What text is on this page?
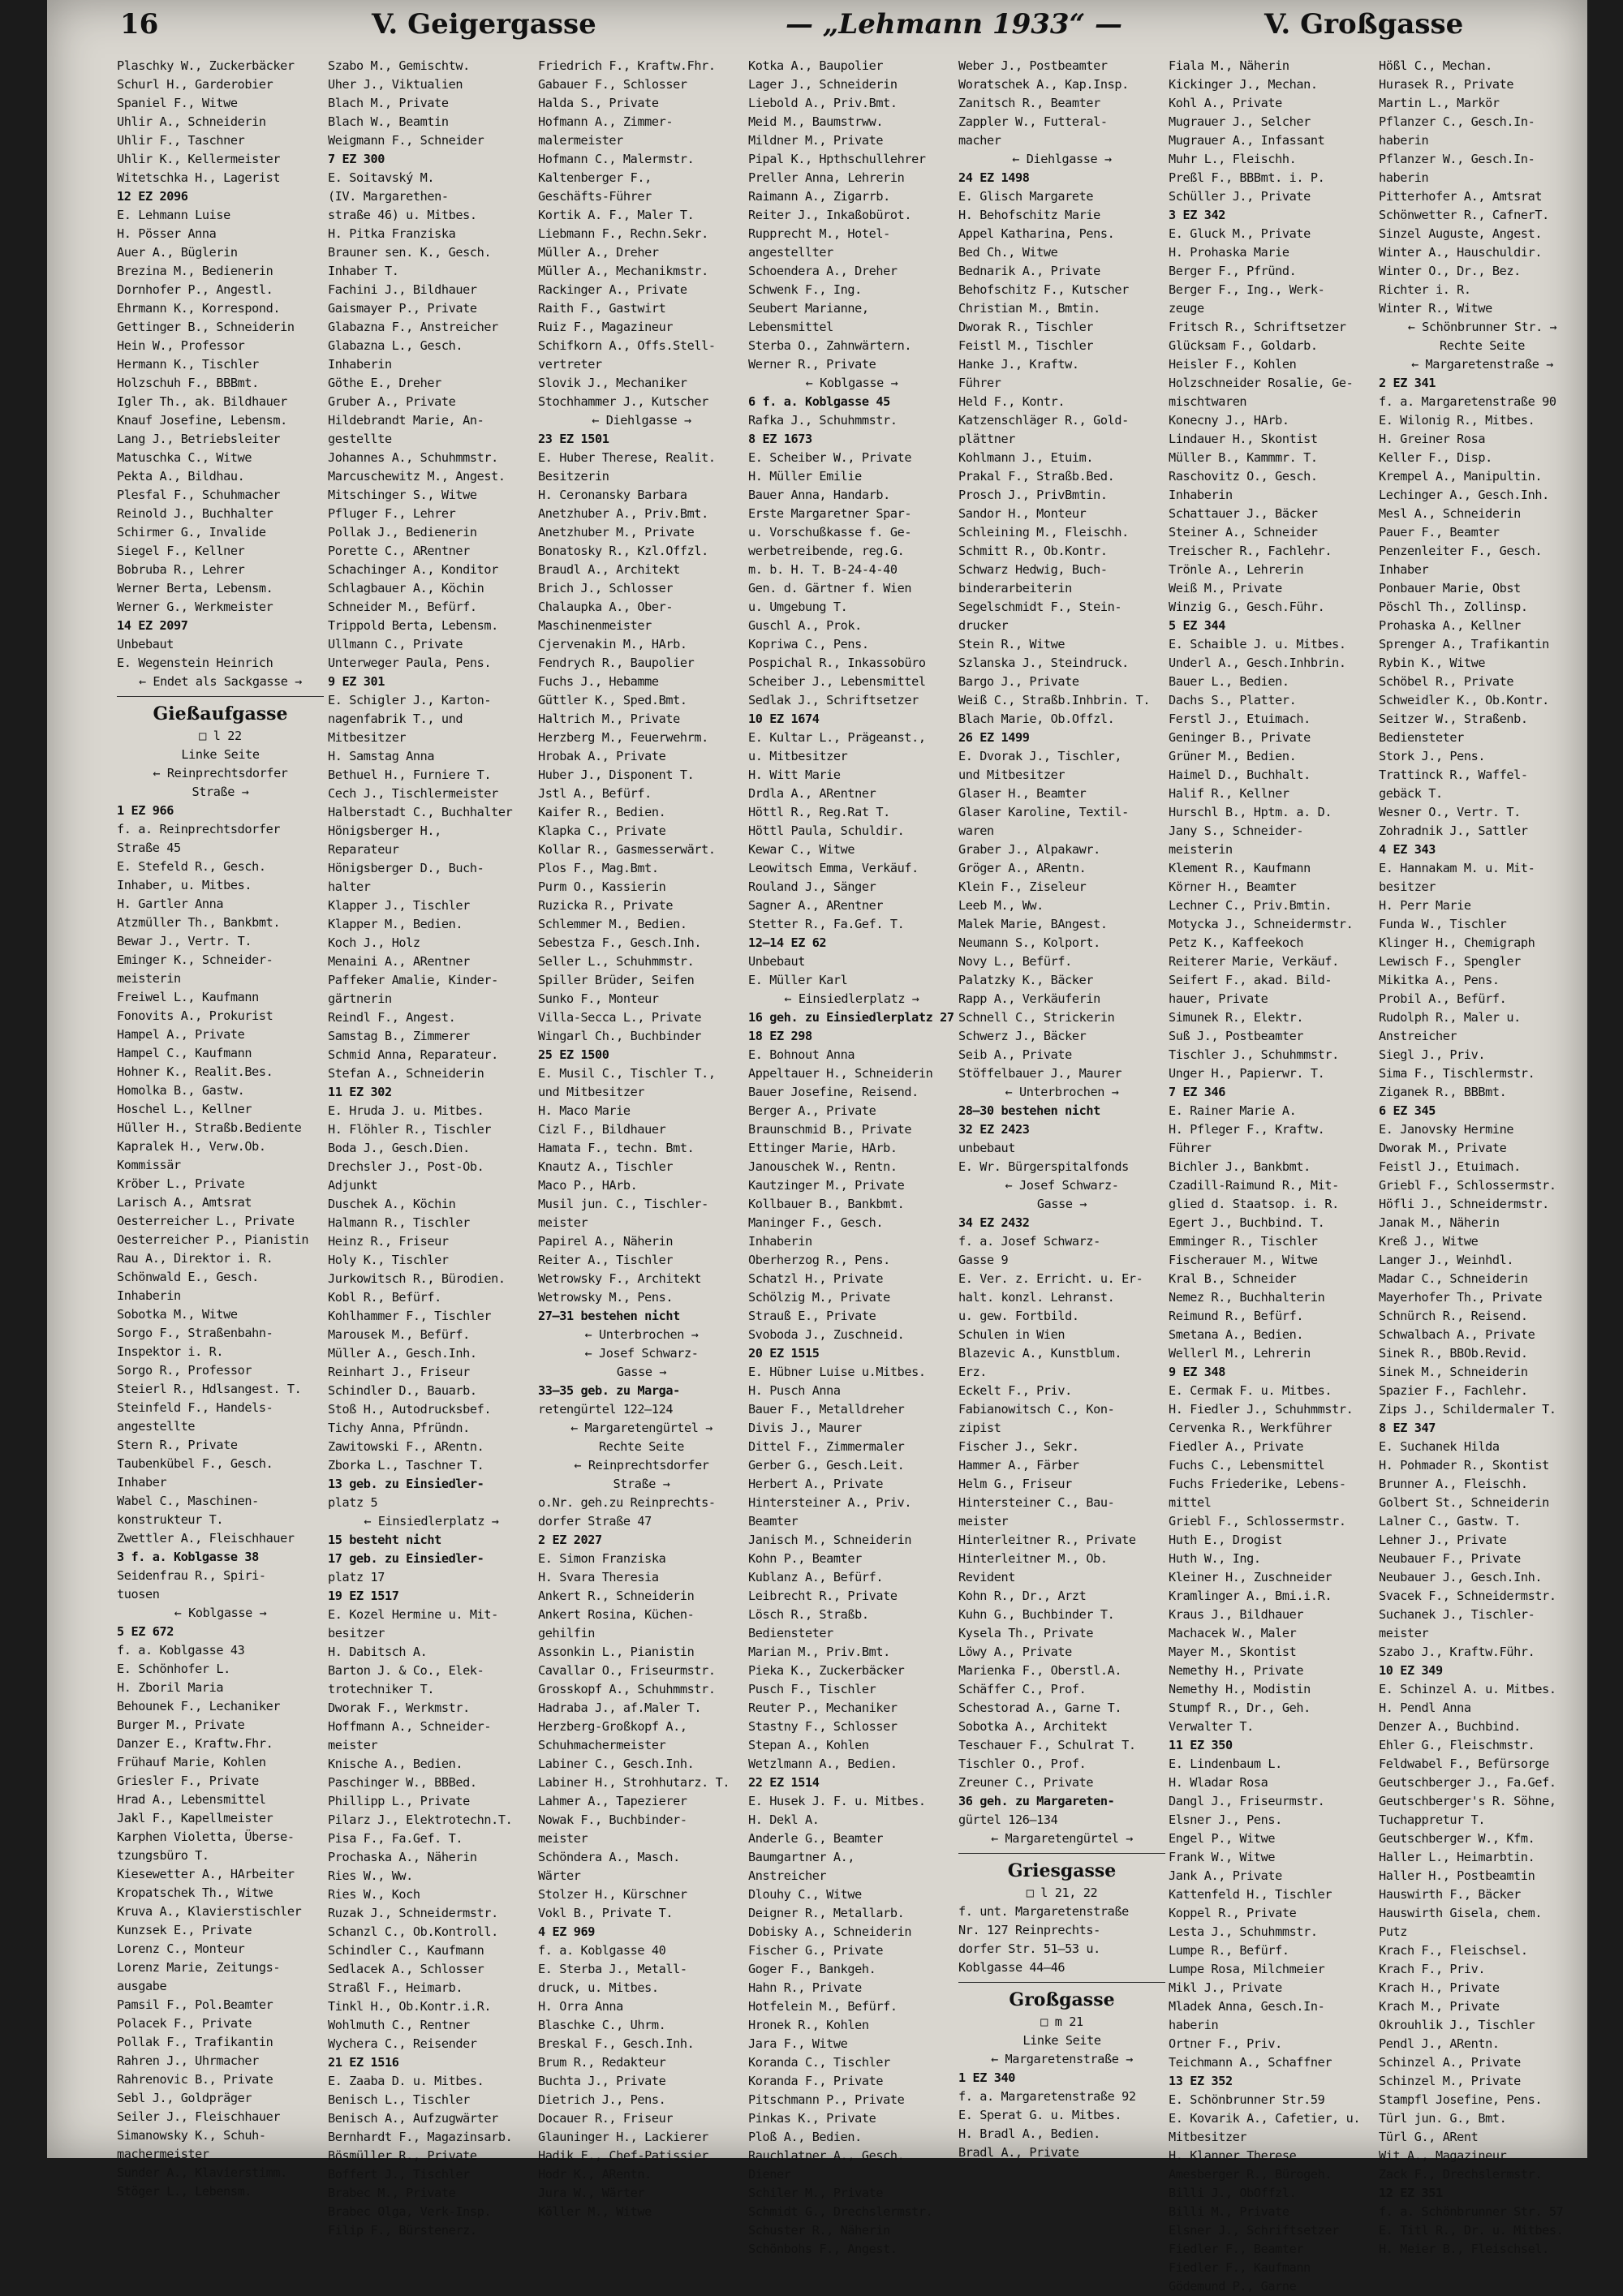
16	V. Geigergasse	— „Lehmann 1933“ —	V. Großgasse
Plaschky W., Zuckerbäcker
Schurl H., Garderobier
Spaniel F., Witwe
Uhlir A., Schneiderin
Uhlir F., Taschner
Uhlir K., Kellermeister
Witetschka H., Lagerist
12 EZ 2096
E. Lehmann Luise
H. Pösser Anna
Auer A., Büglerin
Brezina M., Bedienerin
Dornhofer P., Angestl.
Ehrmann K., Korrespond.
Gettinger B., Schneiderin
Hein W., Professor
Hermann K., Tischler
Holzschuh F., BBBmt.
Igler Th., ak. Bildhauer
Knauf Josefine, Lebensm.
Lang J., Betriebsleiter
Matuschka C., Witwe
Pekta A., Bildhau.
Plesfal F., Schuhmacher
Reinold J., Buchhalter
Schirmer G., Invalide
Siegel F., Kellner
Bobruba R., Lehrer
Werner Berta, Lebensm.
Werner G., Werkmeister
14 EZ 2097
Unbebaut
E. Wegenstein Heinrich
← Endet als Sackgasse →
Gießaufgasse
□ l 22
Linke Seite
← Reinprechtsdorfer
Straße →
1 EZ 966
f. a. Reinprechtsdorfer
Straße 45
E. Stefeld R., Gesch.
Inhaber, u. Mitbes.
H. Gartler Anna
Atzmüller Th., Bankbmt.
Bewar J., Vertr. T.
Eminger K., Schneider-
meisterin
Freiwel L., Kaufmann
Fonovits A., Prokurist
Hampel A., Private
Hampel C., Kaufmann
Hohner K., Realit.Bes.
Homolka B., Gastw.
Hoschel L., Kellner
Hüller H., Straßb.Bediente
Kapralek H., Verw.Ob.
Kommissär
Kröber L., Private
Larisch A., Amtsrat
Oesterreicher L., Private
Oesterreicher P., Pianistin
Rau A., Direktor i. R.
Schönwald E., Gesch.
Inhaberin
Sobotka M., Witwe
Sorgo F., Straßenbahn-
Inspektor i. R.
Sorgo R., Professor
Steierl R., Hdlsangest. T.
Steinfeld F., Handels-
angestellte
Stern R., Private
Taubenkübel F., Gesch.
Inhaber
Wabel C., Maschinen-
konstrukteur T.
Zwettler A., Fleischhauer
3 f. a. Koblgasse 38
Seidenfrau R., Spiri-
tuosen
← Koblgasse →
5 EZ 672
f. a. Koblgasse 43
E. Schönhofer L.
H. Zboril Maria
Behounek F., Lechaniker
Burger M., Private
Danzer E., Kraftw.Fhr.
Frühauf Marie, Kohlen
Griesler F., Private
Hrad A., Lebensmittel
Jakl F., Kapellmeister
Karphen Violetta, Überse-
tzungsbüro T.
Kiesewetter A., HArbeiter
Kropatschek Th., Witwe
Kruva A., Klavierstischler
Kunzsek E., Private
Lorenz C., Monteur
Lorenz Marie, Zeitungs-
ausgabe
Pamsil F., Pol.Beamter
Polacek F., Private
Pollak F., Trafikantin
Rahren J., Uhrmacher
Rahrenovic B., Private
Sebl J., Goldpräger
Seiler J., Fleischhauer
Simanowsky K., Schuh-
machermeister
Sunder A., Klavierstimm.
Stöger L., Lebensm.
Szabo M., Gemischtw.
Uher J., Viktualien
Blach M., Private
Blach W., Beamtin
Weigmann F., Schneider
7 EZ 300
E. Soitavský M.
(IV. Margarethen-
straße 46) u. Mitbes.
H. Pitka Franziska
Brauner sen. K., Gesch.
Inhaber T.
Fachini J., Bildhauer
Gaismayer P., Private
Glabazna F., Anstreicher
Glabazna L., Gesch.
Inhaberin
Göthe E., Dreher
Gruber A., Private
Hildebrandt Marie, An-
gestellte
Johannes A., Schuhmmstr.
Marcuschewitz M., Angest.
Mitschinger S., Witwe
Pfluger F., Lehrer
Pollak J., Bedienerin
Porette C., ARentner
Schachinger A., Konditor
Schlagbauer A., Köchin
Schneider M., Befürf.
Trippold Berta, Lebensm.
Ullmann C., Private
Unterweger Paula, Pens.
9 EZ 301
E. Schigler J., Karton-
nagenfabrik T., und
Mitbesitzer
H. Samstag Anna
Bethuel H., Furniere T.
Cech J., Tischlermeister
Halberstadt C., Buchhalter
Hönigsberger H.,
Reparateur
Hönigsberger D., Buch-
halter
Klapper J., Tischler
Klapper M., Bedien.
Koch J., Holz
Menaini A., ARentner
Paffeker Amalie, Kinder-
gärtnerin
Reindl F., Angest.
Samstag B., Zimmerer
Schmid Anna, Reparateur.
Stefan A., Schneiderin
11 EZ 302
E. Hruda J. u. Mitbes.
H. Flöhler R., Tischler
Boda J., Gesch.Dien.
Drechsler J., Post-Ob.
Adjunkt
Duschek A., Köchin
Halmann R., Tischler
Heinz R., Friseur
Holy K., Tischler
Jurkowitsch R., Bürodien.
Kobl R., Befürf.
Kohlhammer F., Tischler
Marousek M., Befürf.
Müller A., Gesch.Inh.
Reinhart J., Friseur
Schindler D., Bauarb.
Stoß H., Autodrucksbef.
Tichy Anna, Pfründn.
Zawitowski F., ARentn.
Zborka L., Taschner T.
13 geb. zu Einsiedler-
platz 5
← Einsiedlerplatz →
15 besteht nicht
17 geb. zu Einsiedler-
platz 17
19 EZ 1517
E. Kozel Hermine u. Mit-
besitzer
H. Dabitsch A.
Barton J. & Co., Elek-
trotechniker T.
Dworak F., Werkmstr.
Hoffmann A., Schneider-
meister
Knische A., Bedien.
Paschinger W., BBBed.
Phillipp L., Private
Pilarz J., Elektrotechn.T.
Pisa F., Fa.Gef. T.
Prochaska A., Näherin
Ries W., Ww.
Ries W., Koch
Ruzak J., Schneidermstr.
Schanzl C., Ob.Kontroll.
Schindler C., Kaufmann
Sedlacek A., Schlosser
Straßl F., Heimarb.
Tinkl H., Ob.Kontr.i.R.
Wohlmuth C., Rentner
Wychera C., Reisender
21 EZ 1516
E. Zaaba D. u. Mitbes.
Benisch L., Tischler
Benisch A., Aufzugwärter
Bernhardt F., Magazinsarb.
Bösmüller R., Private
Boffert J., Tischler
Brabec M., Private
Brabec Olga, Verk-Insp.
Filip F., Bürstenerz.
Friedrich F., Kraftw.Fhr.
Gabauer F., Schlosser
Halda S., Private
Hofmann A., Zimmer-
malermeister
Hofmann C., Malermstr.
Kaltenberger F.,
Geschäfts-Führer
Kortik A. F., Maler T.
Liebmann F., Rechn.Sekr.
Müller A., Dreher
Müller A., Mechanikmstr.
Rackinger A., Private
Raith F., Gastwirt
Ruiz F., Magazineur
Schifkorn A., Offs.Stell-
vertreter
Slovik J., Mechaniker
Stochhammer J., Kutscher
← Diehlgasse →
23 EZ 1501
E. Huber Therese, Realit.
Besitzerin
H. Ceronansky Barbara
Anetzhuber A., Priv.Bmt.
Anetzhuber M., Private
Bonatosky R., Kzl.Offzl.
Braudl A., Architekt
Brich J., Schlosser
Chalaupka A., Ober-
Maschinenmeister
Cjervenakin M., HArb.
Fendrych R., Baupolier
Fuchs J., Hebamme
Güttler K., Sped.Bmt.
Haltrich M., Private
Herzberg M., Feuerwehrm.
Hrobak A., Private
Huber J., Disponent T.
Jstl A., Befürf.
Kaifer R., Bedien.
Klapka C., Private
Kollar R., Gasmesserwärt.
Plos F., Mag.Bmt.
Purm O., Kassierin
Ruzicka R., Private
Schlemmer M., Bedien.
Sebestza F., Gesch.Inh.
Seller L., Schuhmmstr.
Spiller Brüder, Seifen
Sunko F., Monteur
Villa-Secca L., Private
Wingarl Ch., Buchbinder
25 EZ 1500
E. Musil C., Tischler T.,
und Mitbesitzer
H. Maco Marie
Cizl F., Bildhauer
Hamata F., techn. Bmt.
Knautz A., Tischler
Maco P., HArb.
Musil jun. C., Tischler-
meister
Papirel A., Näherin
Reiter A., Tischler
Wetrowsky F., Architekt
Wetrowsky M., Pens.
27—31 bestehen nicht
← Unterbrochen →
← Josef Schwarz-
Gasse →
33—35 geb. zu Marga-
retengürtel 122—124
← Margaretengürtel →
Rechte Seite
← Reinprechtsdorfer
Straße →
o.Nr. geh.zu Reinprechts-
dorfer Straße 47
2 EZ 2027
E. Simon Franziska
H. Svara Theresia
Ankert R., Schneiderin
Ankert Rosina, Küchen-
gehilfin
Assonkin L., Pianistin
Cavallar O., Friseurmstr.
Grosskopf A., Schuhmmstr.
Hadraba J., af.Maler T.
Herzberg-Großkopf A.,
Schuhmachermeister
Labiner C., Gesch.Inh.
Labiner H., Strohhutarz. T.
Lahmer A., Tapezierer
Nowak F., Buchbinder-
meister
Schöndera A., Masch.
Wärter
Stolzer H., Kürschner
Vokl B., Private T.
4 EZ 969
f. a. Koblgasse 40
E. Sterba J., Metall-
druck, u. Mitbes.
H. Orra Anna
Blaschke C., Uhrm.
Breskal F., Gesch.Inh.
Brum R., Redakteur
Buchta J., Private
Dietrich J., Pens.
Docauer R., Friseur
Glauninger H., Lackierer
Hadik F., Chef-Patissier
Hodr K., ARentn.
Jura W., Wärter
Köller M., Witwe
Kotka A., Baupolier
Lager J., Schneiderin
Liebold A., Priv.Bmt.
Meid M., Baumstrww.
Mildner M., Private
Pipal K., Hpthschullehrer
Preller Anna, Lehrerin
Raimann A., Zigarrb.
Reiter J., Inkaßobürot.
Rupprecht M., Hotel-
angestellter
Schoendera A., Dreher
Schwenk F., Ing.
Seubert Marianne,
Lebensmittel
Sterba O., Zahnwärtern.
Werner R., Private
← Koblgasse →
6 f. a. Koblgasse 45
Rafka J., Schuhmmstr.
8 EZ 1673
E. Scheiber W., Private
H. Müller Emilie
Bauer Anna, Handarb.
Erste Margaretner Spar-
u. Vorschußkasse f. Ge-
werbetreibende, reg.G.
m. b. H. T. B-24-4-40
Gen. d. Gärtner f. Wien
u. Umgebung T.
Guschl A., Prok.
Kopriwa C., Pens.
Pospichal R., Inkassobüro
Scheiber J., Lebensmittel
Sedlak J., Schriftsetzer
10 EZ 1674
E. Kultar L., Prägeanst.,
u. Mitbesitzer
H. Witt Marie
Drdla A., ARentner
Höttl R., Reg.Rat T.
Höttl Paula, Schuldir.
Kewar C., Witwe
Leowitsch Emma, Verkäuf.
Rouland J., Sänger
Sagner A., ARentner
Stetter R., Fa.Gef. T.
12—14 EZ 62
Unbebaut
E. Müller Karl
← Einsiedlerplatz →
16 geh. zu Einsiedlerplatz 27
18 EZ 298
E. Bohnout Anna
Appeltauer H., Schneiderin
Bauer Josefine, Reisend.
Berger A., Private
Braunschmid B., Private
Ettinger Marie, HArb.
Janouschek W., Rentn.
Kautzinger M., Private
Kollbauer B., Bankbmt.
Maninger F., Gesch.
Inhaberin
Oberherzog R., Pens.
Schatzl H., Private
Schölzig M., Private
Strauß E., Private
Svoboda J., Zuschneid.
20 EZ 1515
E. Hübner Luise u.Mitbes.
H. Pusch Anna
Bauer F., Metalldreher
Divis J., Maurer
Dittel F., Zimmermaler
Gerber G., Gesch.Leit.
Herbert A., Private
Hintersteiner A., Priv.
Beamter
Janisch M., Schneiderin
Kohn P., Beamter
Kublanz A., Befürf.
Leibrecht R., Private
Lösch R., Straßb.
Bediensteter
Marian M., Priv.Bmt.
Pieka K., Zuckerbäcker
Pusch F., Tischler
Reuter P., Mechaniker
Stastny F., Schlosser
Stepan A., Kohlen
Wetzlmann A., Bedien.
22 EZ 1514
E. Husek J. F. u. Mitbes.
H. Dekl A.
Anderle G., Beamter
Baumgartner A.,
Anstreicher
Dlouhy C., Witwe
Deigner R., Metallarb.
Dobisky A., Schneiderin
Fischer G., Private
Goger F., Bankgeh.
Hahn R., Private
Hotfelein M., Befürf.
Hronek R., Kohlen
Jara F., Witwe
Koranda C., Tischler
Koranda F., Private
Pitschmann P., Private
Pinkas K., Private
Ploß A., Bedien.
Rauchlatner A., Gesch.
Diener
Schiler M., Private
Schmidt G., Drechslermstr.
Schuster R., Näherin
Schönbohs F., Angest.
Weber J., Postbeamter
Woratschek A., Kap.Insp.
Zanitsch R., Beamter
Zappler W., Futteral-
macher
← Diehlgasse →
24 EZ 1498
E. Glisch Margarete
H. Behofschitz Marie
Appel Katharina, Pens.
Bed Ch., Witwe
Bednarik A., Private
Behofschitz F., Kutscher
Christian M., Bmtin.
Dworak R., Tischler
Feistl M., Tischler
Hanke J., Kraftw.
Führer
Held F., Kontr.
Katzenschläger R., Gold-
plättner
Kohlmann J., Etuim.
Prakal F., Straßb.Bed.
Prosch J., PrivBmtin.
Sandor H., Monteur
Schleining M., Fleischh.
Schmitt R., Ob.Kontr.
Schwarz Hedwig, Buch-
binderarbeiterin
Segelschmidt F., Stein-
drucker
Stein R., Witwe
Szlanska J., Steindruck.
Bargo J., Private
Weiß C., Straßb.Inhbrin. T.
Blach Marie, Ob.Offzl.
26 EZ 1499
E. Dvorak J., Tischler,
und Mitbesitzer
Glaser H., Beamter
Glaser Karoline, Textil-
waren
Graber J., Alpakawr.
Gröger A., ARentn.
Klein F., Ziseleur
Leeb M., Ww.
Malek Marie, BAngest.
Neumann S., Kolport.
Novy L., Befürf.
Palatzky K., Bäcker
Rapp A., Verkäuferin
Schnell C., Strickerin
Schwerz J., Bäcker
Seib A., Private
Stöffelbauer J., Maurer
← Unterbrochen →
28—30 bestehen nicht
32 EZ 2423
unbebaut
E. Wr. Bürgerspitalfonds
← Josef Schwarz-
Gasse →
34 EZ 2432
f. a. Josef Schwarz-
Gasse 9
E. Ver. z. Erricht. u. Er-
halt. konzl. Lehranst.
u. gew. Fortbild.
Schulen in Wien
Blazevic A., Kunstblum.
Erz.
Eckelt F., Priv.
Fabianowitsch C., Kon-
zipist
Fischer J., Sekr.
Hammer A., Färber
Helm G., Friseur
Hintersteiner C., Bau-
meister
Hinterleitner R., Private
Hinterleitner M., Ob.
Revident
Kohn R., Dr., Arzt
Kuhn G., Buchbinder T.
Kysela Th., Private
Löwy A., Private
Marienka F., Oberstl.A.
Schäffer C., Prof.
Schestorad A., Garne T.
Sobotka A., Architekt
Teschauer F., Schulrat T.
Tischler O., Prof.
Zreuner C., Private
36 geh. zu Margareten-
gürtel 126—134
← Margaretengürtel →
Griesgasse
□ l 21, 22
f. unt. Margaretenstraße
Nr. 127 Reinprechts-
dorfer Str. 51—53 u.
Koblgasse 44—46
Großgasse
□ m 21
Linke Seite
← Margaretenstraße →
1 EZ 340
f. a. Margaretenstraße 92
E. Sperat G. u. Mitbes.
H. Bradl A., Bedien.
Bradl A., Private
Fiala M., Näherin
Kickinger J., Mechan.
Kohl A., Private
Mugrauer J., Selcher
Mugrauer A., Infassant
Muhr L., Fleischh.
Preßl F., BBBmt. i. P.
Schüller J., Private
3 EZ 342
E. Gluck M., Private
H. Prohaska Marie
Berger F., Pfründ.
Berger F., Ing., Werk-
zeuge
Fritsch R., Schriftsetzer
Glücksam F., Goldarb.
Heisler F., Kohlen
Holzschneider Rosalie, Ge-
mischtwaren
Konecny J., HArb.
Lindauer H., Skontist
Müller B., Kammmr. T.
Raschovitz O., Gesch.
Inhaberin
Schattauer J., Bäcker
Steiner A., Schneider
Treischer R., Fachlehr.
Trönle A., Lehrerin
Weiß M., Private
Winzig G., Gesch.Führ.
5 EZ 344
E. Schaible J. u. Mitbes.
Underl A., Gesch.Inhbrin.
Bauer L., Bedien.
Dachs S., Platter.
Ferstl J., Etuimach.
Geninger B., Private
Grüner M., Bedien.
Haimel D., Buchhalt.
Halif R., Kellner
Hurschl B., Hptm. a. D.
Jany S., Schneider-
meisterin
Klement R., Kaufmann
Körner H., Beamter
Lechner C., Priv.Bmtin.
Motycka J., Schneidermstr.
Petz K., Kaffeekoch
Reiterer Marie, Verkäuf.
Seifert F., akad. Bild-
hauer, Private
Simunek R., Elektr.
Suß J., Postbeamter
Tischler J., Schuhmmstr.
Unger H., Papierwr. T.
7 EZ 346
E. Rainer Marie A.
H. Pfleger F., Kraftw.
Führer
Bichler J., Bankbmt.
Czadill-Raimund R., Mit-
glied d. Staatsop. i. R.
Egert J., Buchbind. T.
Emminger R., Tischler
Fischerauer M., Witwe
Kral B., Schneider
Nemez R., Buchhalterin
Reimund R., Befürf.
Smetana A., Bedien.
Wellerl M., Lehrerin
9 EZ 348
E. Cermak F. u. Mitbes.
H. Fiedler J., Schuhmmstr.
Cervenka R., Werkführer
Fiedler A., Private
Fuchs C., Lebensmittel
Fuchs Friederike, Lebens-
mittel
Griebl F., Schlossermstr.
Huth E., Drogist
Huth W., Ing.
Kleiner H., Zuschneider
Kramlinger A., Bmi.i.R.
Kraus J., Bildhauer
Machacek W., Maler
Mayer M., Skontist
Nemethy H., Private
Nemethy H., Modistin
Stumpf R., Dr., Geh.
Verwalter T.
11 EZ 350
E. Lindenbaum L.
H. Wladar Rosa
Dangl J., Friseurmstr.
Elsner J., Pens.
Engel P., Witwe
Frank W., Witwe
Jank A., Private
Kattenfeld H., Tischler
Koppel R., Private
Lesta J., Schuhmmstr.
Lumpe R., Befürf.
Lumpe Rosa, Milchmeier
Mikl J., Private
Mladek Anna, Gesch.In-
haberin
Ortner F., Priv.
Teichmann A., Schaffner
13 EZ 352
E. Schönbrunner Str.59
E. Kovarik A., Cafetier, u.
Mitbesitzer
H. Klanner Therese
Amesberger R., Bürogeh.
Billi J., ObOffzl.
Billi M., Private
Elsner J., Schriftsetzer
Fiedler F., Beamter
Fiedler F., Kaufmann
Gödemund P., Garne
Hößl C., Mechan.
Hurasek R., Private
Martin L., Markör
Pflanzer C., Gesch.In-
haberin
Pflanzer W., Gesch.In-
haberin
Pitterhofer A., Amtsrat
Schönwetter R., CafnerT.
Sinzel Auguste, Angest.
Winter A., Hauschuldir.
Winter O., Dr., Bez.
Richter i. R.
Winter R., Witwe
← Schönbrunner Str. →
Rechte Seite
← Margaretenstraße →
2 EZ 341
f. a. Margaretenstraße 90
E. Wilonig R., Mitbes.
H. Greiner Rosa
Keller F., Disp.
Krempel A., Manipultin.
Lechinger A., Gesch.Inh.
Mesl A., Schneiderin
Pauer F., Beamter
Penzenleiter F., Gesch.
Inhaber
Ponbauer Marie, Obst
Pöschl Th., Zollinsp.
Prohaska A., Kellner
Sprenger A., Trafikantin
Rybin K., Witwe
Schöbel R., Private
Schweidler K., Ob.Kontr.
Seitzer W., Straßenb.
Bediensteter
Stork J., Pens.
Trattinck R., Waffel-
gebäck T.
Wesner O., Vertr. T.
Zohradnik J., Sattler
4 EZ 343
E. Hannakam M. u. Mit-
besitzer
H. Perr Marie
Funda W., Tischler
Klinger H., Chemigraph
Lewisch F., Spengler
Mikitka A., Pens.
Probil A., Befürf.
Rudolph R., Maler u.
Anstreicher
Siegl J., Priv.
Sima F., Tischlermstr.
Ziganek R., BBBmt.
6 EZ 345
E. Janovsky Hermine
Dworak M., Private
Feistl J., Etuimach.
Griebl F., Schlossermstr.
Höfli J., Schneidermstr.
Janak M., Näherin
Kreß J., Witwe
Langer J., Weinhdl.
Madar C., Schneiderin
Mayerhofer Th., Private
Schnürch R., Reisend.
Schwalbach A., Private
Sinek R., BBOb.Revid.
Sinek M., Schneiderin
Spazier F., Fachlehr.
Zips J., Schildermaler T.
8 EZ 347
E. Suchanek Hilda
H. Pohmader R., Skontist
Brunner A., Fleischh.
Golbert St., Schneiderin
Lalner C., Gastw. T.
Lehner J., Private
Neubauer F., Private
Neubauer J., Gesch.Inh.
Svacek F., Schneidermstr.
Suchanek J., Tischler-
meister
Szabo J., Kraftw.Führ.
10 EZ 349
E. Schinzel A. u. Mitbes.
H. Pendl Anna
Denzer A., Buchbind.
Ehler G., Fleischmstr.
Feldwabel F., Befürsorge
Geutschberger J., Fa.Gef.
Geutschberger's R. Söhne,
Tuchappretur T.
Geutschberger W., Kfm.
Haller L., Heimarbtin.
Haller H., Postbeamtin
Hauswirth F., Bäcker
Hauswirth Gisela, chem.
Putz
Krach F., Fleischsel.
Krach F., Priv.
Krach H., Private
Krach M., Private
Okrouhlik J., Tischler
Pendl J., ARentn.
Schinzel A., Private
Schinzel M., Private
Stampfl Josefine, Pens.
Türl jun. G., Bmt.
Türl G., ARent
Wit A., Magazineur
Zack F., Drechslermstr.
12 EZ 351
f. a. Schönbrunner Str. 57
E. Titl R., Dr. u. Mitbes.
H. Meier B., Fleischsel.
